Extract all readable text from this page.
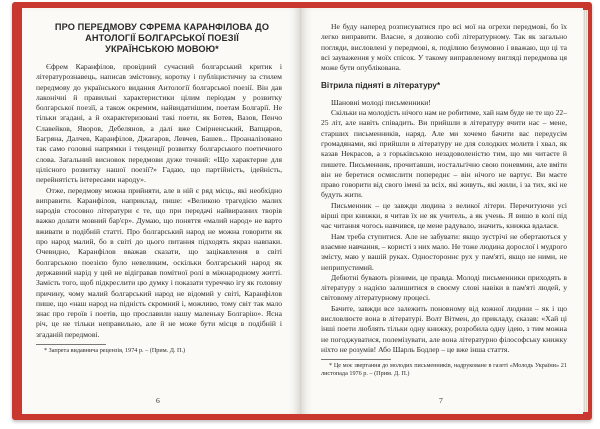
ПРО ПЕРЕДМОВУ СФРЕМА КАРАНФІЛОВА ДО АНТОЛОГІЇ БОЛГАРСЬКОЇ ПОЕЗІЇ УКРАЇНСЬКОЮ МОВОЮ*

Єфрем Каранфілов, провідний сучасний болгарський критик і літературознавець, написав змістовну, коротку і публіцистичну за стилем передмову до українського видання Антології болгарської поезії. Він дав лаконічні й правильні характеристики цілим періодам у розвитку болгарської поезії, а також окремим, найвидатнішим, поетам Болгарії. Не тільки згадані, а й охарактеризовані такі поети, як Ботев, Вазов, Пенчо Славейков, Яворов, Дебелянов, а далі вже Смірненський, Вапцаров, Багряна, Далчев, Каранфілов, Джагаров, Левчев, Башев... Проаналізовано так само головні напрямки і тенденції розвитку болгарського поетичного слова. Загальний висновок передмови дуже точний: «Що характерне для цілісного розвитку нашої поезії?» Гадаю, що партійність, ідейність, перейнятість інтересами народу».

Отже, передмову можна прийняти, але в ній є ряд місць, які необхідно виправити. Каранфілов, наприклад, пише: «Великою трагедією малих народів стосовно літератури є те, що при передачі найвиразних творів важко долати мовний бар'єр». Думаю, що поняття «малий народ» не варто вживати в подібній статті. Про болгарський народ не можна говорити як про народ малий, бо в світі до цього питання підходять якраз навпаки. Очевидно, Каранфілов вважав сказати, що зацікавлення в світі болгарською поезією було невеликим, оскільки болгарський народ як державний нарід у цей не відігравав помітної ролі в міжнародному житті. Замість того, щоб підкреслити цю думку і показати туреччко ігу як головну причину, чому малий болгарський народ не відомий у світі, Каранфілов пише, що «наш народ на підність скромний і, можливо, тому світ так мало знає про героїв і поетів, що прославили нашу маленьку Болгарію». Ясна річ, це не тільки неправильно, але й не може бути місця в подібній і згаданій передмові.

* Запрета видавнича рецензія, 1974 р. – (Прим. Д. П.)

6

Не буду наперед розписуватися про всі мої на огрехи передмові, бо їх легко виправити. Власне, я дозволю собі літературному. Так як загально погляди, висловлені у передмові, я, поділюю безумовно і вважаю, що ці та всі зауваження у моїх спісок. У такому виправленому вигляді передмова ця може бути опублікована.

Вітрила підняті в літературу*

Шановні молоді письменники!

Скільки на молодість нічого нам не робитиме, хай нам буде не те що 22–25 літ, але навіть співадить. Ви прийшли в літературу вчити нас – мене, старших письменників, наряд. Але ми хочемо бачити вас передусім громадянами, які прийшли в літературу не для солодких молитв і хвал, як казав Некрасов, а з горьківською незадоволеністю тим, що ми читаєте й пишете. Письменник, прочитавши, ностальгічно свою поневмин, але вміти він не беретися осмислити попереднє – він нічого не вартує. Ви маєте право говорити від свого імені за всіх, які живуть, які жили, і за тих, які не будуть жити.

Письменник – це завжди людина з великої літери. Перечитуючи усі вірші при книжки, я читав їх не як учитель, а як учень. Я вишо в колі під час читання чогось навчився, це мене радувало, значить, книжка вдалася.

Нам треба ступитися. Але не забувати: якщо зустрічі не обертаються у взаємне навчання, – користі з них мало. Не тоже людина дорослої і мудрого змісту, маю у вашій руках. Одностороннє рух у пам'яті, якщо не ними, не неприпустимий.

Дебютні бувають різними, це правда. Молоді письменники приходять в літературу з надією залишитися в своєму слові навіки в пам'яті людей, у світовому літературному процесі.

Бачите, завжди все залежить поновному від кожної людини – як і що висловлюєте вона в літературі. Волт Вітмен, до прикладу, сказав: «Хай ці інші поети люблять тільки одну книжку, розробила одну ідею, з тим можна не погоджуватися, полемізувати, але вона літературно філософську книжку ніхто не розумів! Або Шарль Бодлер – це вже інша стаття.

* Це моє звертання до молодих письменників, надруковане в газеті «Молодь України» 21 листопада 1976 р. – (Прим. Д. П.)

7
